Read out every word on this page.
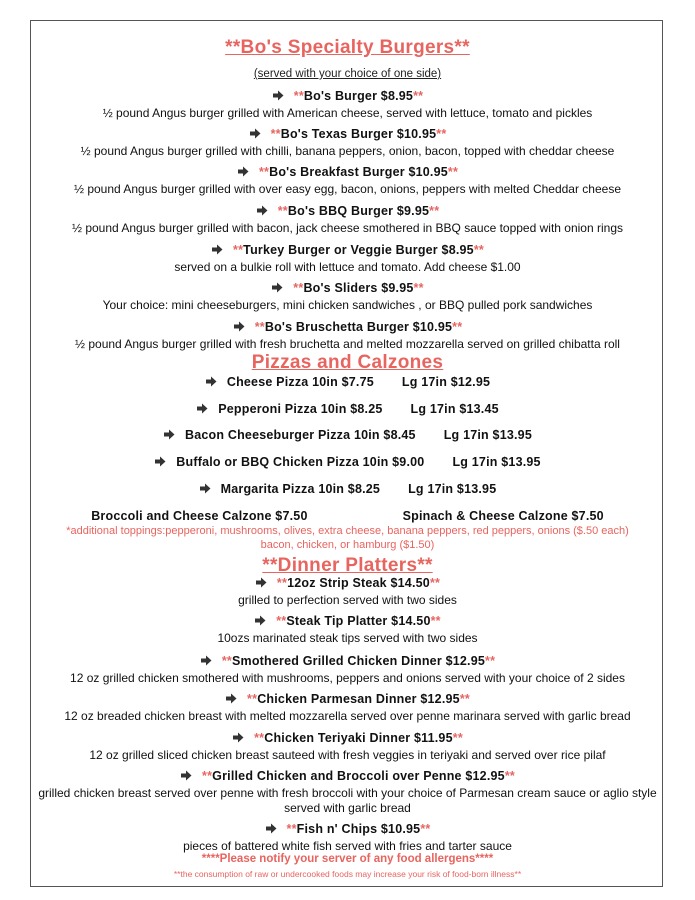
**Bo's Specialty Burgers**
(served with your choice of one side)
**Bo's Burger $8.95**
½ pound Angus burger grilled with American cheese, served with lettuce, tomato and pickles
**Bo's Texas Burger $10.95**
½ pound Angus burger grilled with chilli, banana peppers, onion, bacon, topped with cheddar cheese
**Bo's Breakfast Burger $10.95**
½ pound Angus burger grilled with over easy egg, bacon, onions, peppers with melted Cheddar cheese
**Bo's BBQ Burger $9.95**
½ pound Angus burger grilled with bacon, jack cheese smothered in BBQ sauce topped with onion rings
**Turkey Burger or Veggie Burger $8.95**
served on a bulkie roll with lettuce and tomato. Add cheese $1.00
**Bo's Sliders $9.95**
Your choice: mini cheeseburgers, mini chicken sandwiches , or BBQ pulled pork sandwiches
**Bo's Bruschetta Burger $10.95**
½ pound Angus burger grilled with fresh bruchetta and melted mozzarella served on grilled chibatta roll
Pizzas and Calzones
Cheese Pizza 10in $7.75 Lg 17in $12.95
Pepperoni Pizza 10in $8.25 Lg 17in $13.45
Bacon Cheeseburger Pizza 10in $8.45 Lg 17in $13.95
Buffalo or BBQ Chicken Pizza 10in $9.00 Lg 17in $13.95
Margarita Pizza 10in $8.25 Lg 17in $13.95
Broccoli and Cheese Calzone $7.50	Spinach & Cheese Calzone $7.50
*additional toppings:pepperoni, mushrooms, olives, extra cheese, banana peppers, red peppers, onions ($.50 each)
bacon, chicken, or hamburg ($1.50)
**Dinner Platters**
**12oz Strip Steak $14.50**
grilled to perfection served with two sides
**Steak Tip Platter $14.50**
10ozs marinated steak tips served with two sides
**Smothered Grilled Chicken Dinner $12.95**
12 oz grilled chicken smothered with mushrooms, peppers and onions served with your choice of 2 sides
**Chicken Parmesan Dinner $12.95**
12 oz breaded chicken breast with melted mozzarella served over penne marinara served with garlic bread
**Chicken Teriyaki Dinner $11.95**
12 oz grilled sliced chicken breast sauteed with fresh veggies in teriyaki and served over rice pilaf
**Grilled Chicken and Broccoli over Penne $12.95**
grilled chicken breast served over penne with fresh broccoli with your choice of Parmesan cream sauce or aglio style
served with garlic bread
**Fish n' Chips $10.95**
pieces of battered white fish served with fries and tarter sauce
****Please notify your server of any food allergens****
**the consumption of raw or undercooked foods may increase your risk of food-born illness**
